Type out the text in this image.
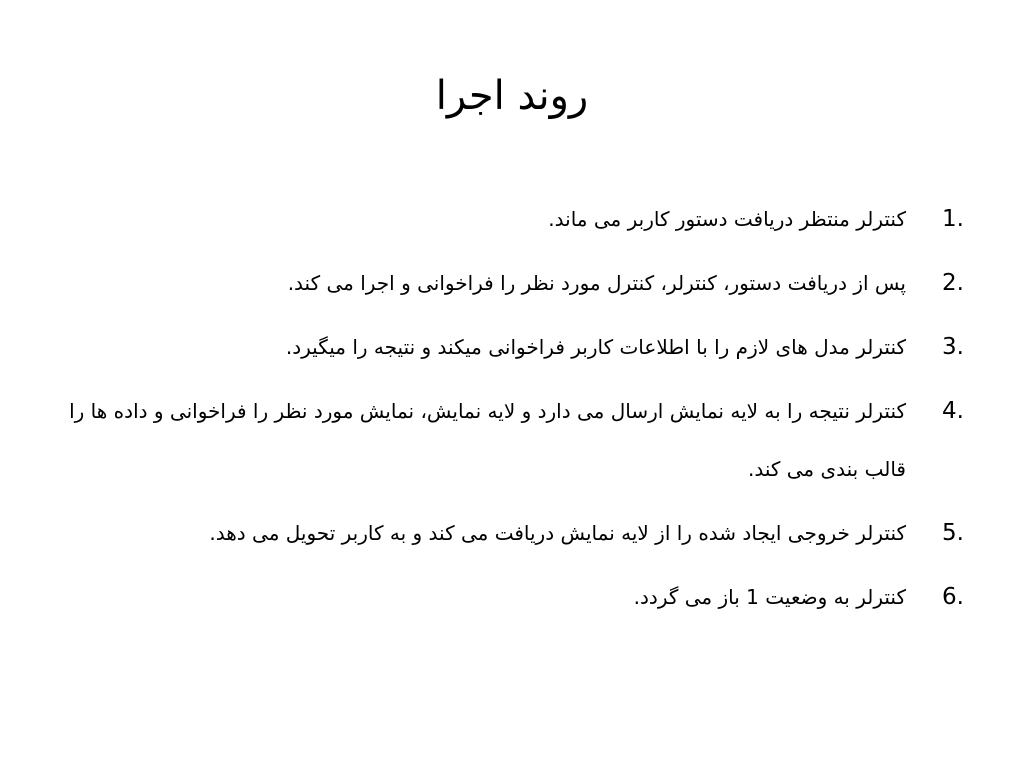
روند اجرا
1.
کنترلر منتظر دریافت دستور کاربر می ماند.
2.
پس از دریافت دستور، کنترلر، کنترل مورد نظر را فراخوانی و اجرا می کند.
3.
کنترلر مدل های لازم را با اطلاعات کاربر فراخوانی میکند و نتیجه را میگیرد.
4.
کنترلر نتیجه را به لایه نمایش ارسال می دارد و لایه نمایش، نمایش مورد نظر را فراخوانی و داده ها را قالب بندی می کند.
5.
کنترلر خروجی ایجاد شده را از لایه نمایش دریافت می کند و به کاربر تحویل می دهد.
6.
کنترلر به وضعیت 1 باز می گردد.
